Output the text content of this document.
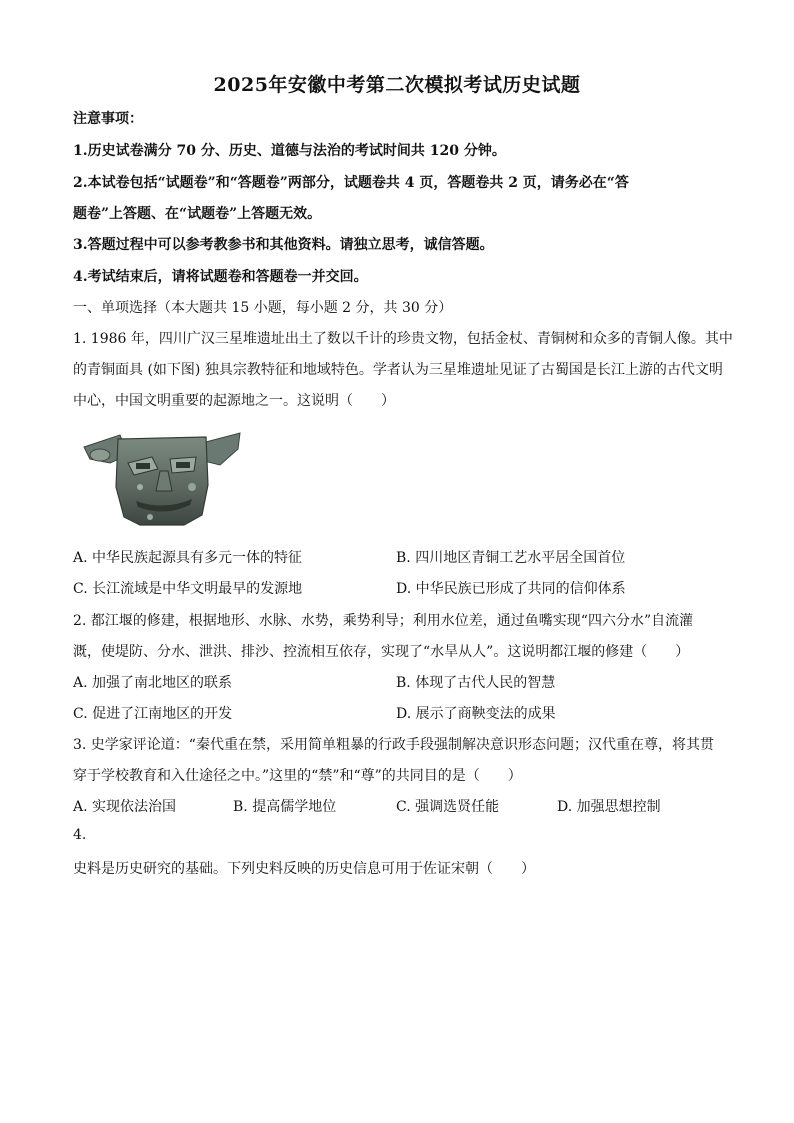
2025年安徽中考第二次模拟考试历史试题
注意事项：
1.历史试卷满分 70 分、历史、道德与法治的考试时间共 120 分钟。
2.本试卷包括“试题卷”和“答题卷”两部分，试题卷共 4 页，答题卷共 2 页，请务必在“答
题卷”上答题、在“试题卷”上答题无效。
3.答题过程中可以参考教参书和其他资料。请独立思考，诚信答题。
4.考试结束后，请将试题卷和答题卷一并交回。
一、单项选择（本大题共 15 小题，每小题 2 分，共 30 分）
1. 1986 年，四川广汉三星堆遗址出土了数以千计的珍贵文物，包括金杖、青铜树和众多的青铜人像。其中
的青铜面具 (如下图) 独具宗教特征和地域特色。学者认为三星堆遗址见证了古蜀国是长江上游的古代文明
中心，中国文明重要的起源地之一。这说明（　　）
A. 中华民族起源具有多元一体的特征	B. 四川地区青铜工艺水平居全国首位
C. 长江流域是中华文明最早的发源地	D. 中华民族已形成了共同的信仰体系
2. 都江堰的修建，根据地形、水脉、水势，乘势利导；利用水位差，通过鱼嘴实现“四六分水”自流灌
溉，使堤防、分水、泄洪、排沙、控流相互依存，实现了“水旱从人”。这说明都江堰的修建（　　）
A. 加强了南北地区的联系	B. 体现了古代人民的智慧
C. 促进了江南地区的开发	D. 展示了商鞅变法的成果
3. 史学家评论道：“秦代重在禁，采用简单粗暴的行政手段强制解决意识形态问题；汉代重在尊，将其贯
穿于学校教育和入仕途径之中。”这里的“禁”和“尊”的共同目的是（　　）
A. 实现依法治国	B. 提高儒学地位	C. 强调选贤任能	D. 加强思想控制
4.
史料是历史研究的基础。下列史料反映的历史信息可用于佐证宋朝（　　）
